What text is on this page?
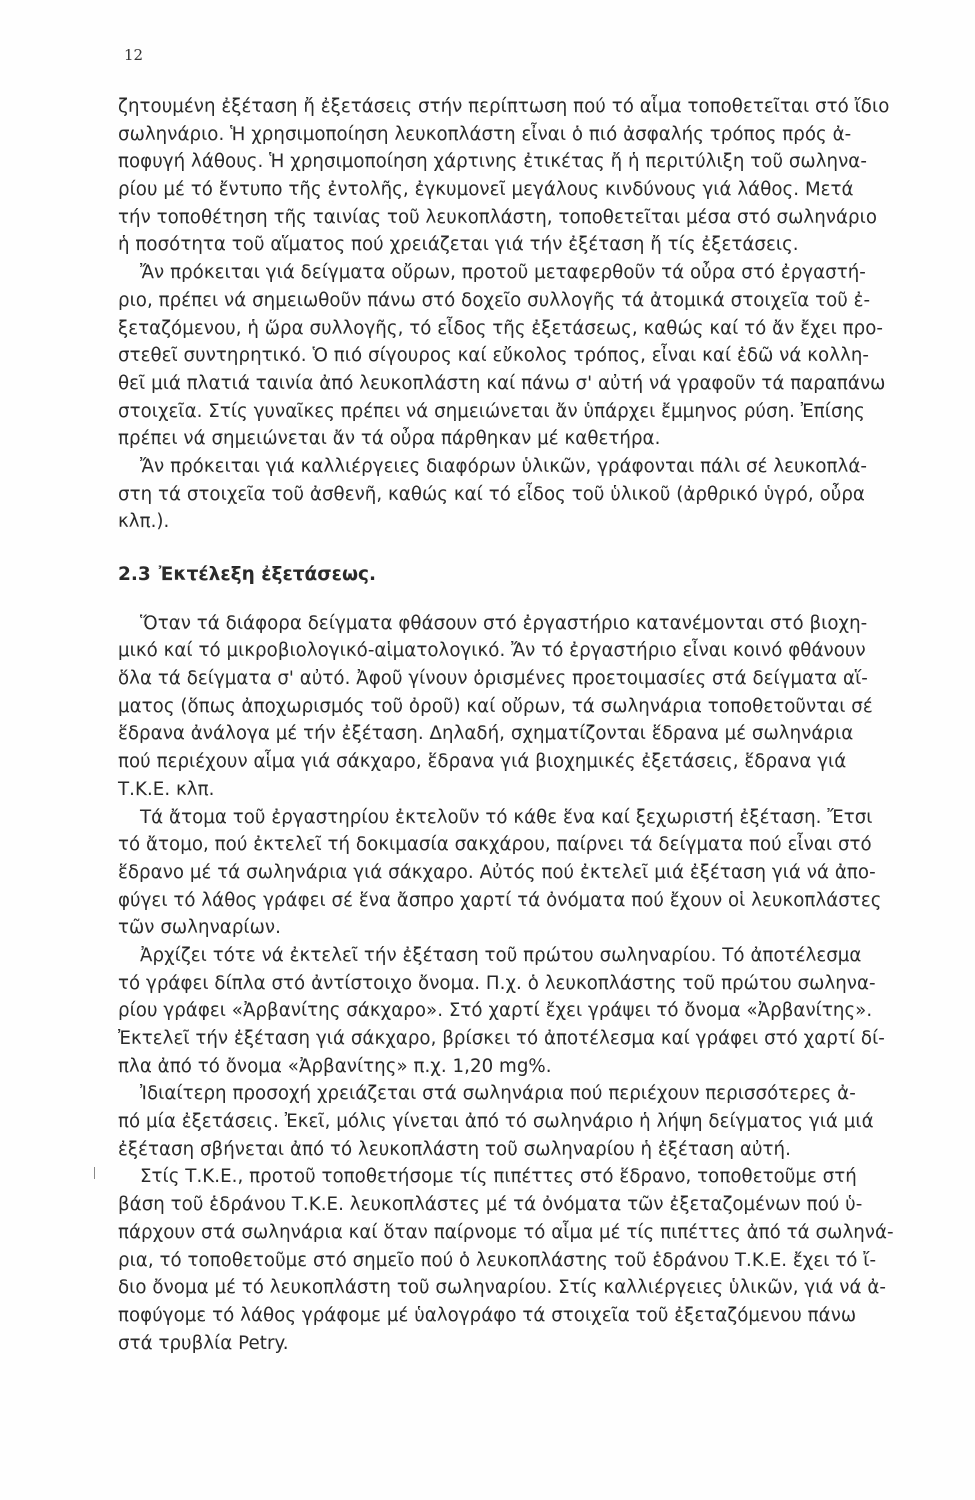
12
ζητουμένη ἐξέταση ἤ ἐξετάσεις στήν περίπτωση πού τό αἷμα τοποθετεῖται στό ἴδιο
σωληνάριο. Ἡ χρησιμοποίηση λευκοπλάστη εἶναι ὁ πιό ἀσφαλής τρόπος πρός ἀ-
ποφυγή λάθους. Ἡ χρησιμοποίηση χάρτινης ἐτικέτας ἤ ἡ περιτύλιξη τοῦ σωληνα-
ρίου μέ τό ἔντυπο τῆς ἐντολῆς, ἐγκυμονεῖ μεγάλους κινδύνους γιά λάθος. Μετά
τήν τοποθέτηση τῆς ταινίας τοῦ λευκοπλάστη, τοποθετεῖται μέσα στό σωληνάριο
ἡ ποσότητα τοῦ αἵματος πού χρειάζεται γιά τήν ἐξέταση ἤ τίς ἐξετάσεις.
Ἄν πρόκειται γιά δείγματα οὔρων, προτοῦ μεταφερθοῦν τά οὖρα στό ἐργαστή-
ριο, πρέπει νά σημειωθοῦν πάνω στό δοχεῖο συλλογῆς τά ἀτομικά στοιχεῖα τοῦ ἐ-
ξεταζόμενου, ἡ ὥρα συλλογῆς, τό εἶδος τῆς ἐξετάσεως, καθώς καί τό ἄν ἔχει προ-
στεθεῖ συντηρητικό. Ὁ πιό σίγουρος καί εὔκολος τρόπος, εἶναι καί ἐδῶ νά κολλη-
θεῖ μιά πλατιά ταινία ἀπό λευκοπλάστη καί πάνω σ' αὐτή νά γραφοῦν τά παραπάνω
στοιχεῖα. Στίς γυναῖκες πρέπει νά σημειώνεται ἄν ὑπάρχει ἔμμηνος ρύση. Ἐπίσης
πρέπει νά σημειώνεται ἄν τά οὖρα πάρθηκαν μέ καθετήρα.
Ἄν πρόκειται γιά καλλιέργειες διαφόρων ὑλικῶν, γράφονται πάλι σέ λευκοπλά-
στη τά στοιχεῖα τοῦ ἀσθενῆ, καθώς καί τό εἶδος τοῦ ὑλικοῦ (ἀρθρικό ὑγρό, οὖρα
κλπ.).
2.3 Ἐκτέλεξη ἐξετάσεως.
Ὅταν τά διάφορα δείγματα φθάσουν στό ἐργαστήριο κατανέμονται στό βιοχη-
μικό καί τό μικροβιολογικό-αἱματολογικό. Ἄν τό ἐργαστήριο εἶναι κοινό φθάνουν
ὅλα τά δείγματα σ' αὐτό. Ἀφοῦ γίνουν ὁρισμένες προετοιμασίες στά δείγματα αἵ-
ματος (ὅπως ἀποχωρισμός τοῦ ὀροῦ) καί οὔρων, τά σωληνάρια τοποθετοῦνται σέ
ἕδρανα ἀνάλογα μέ τήν ἐξέταση. Δηλαδή, σχηματίζονται ἕδρανα μέ σωληνάρια
πού περιέχουν αἷμα γιά σάκχαρο, ἕδρανα γιά βιοχημικές ἐξετάσεις, ἕδρανα γιά
Τ.Κ.Ε. κλπ.
Τά ἄτομα τοῦ ἐργαστηρίου ἐκτελοῦν τό κάθε ἕνα καί ξεχωριστή ἐξέταση. Ἔτσι
τό ἄτομο, πού ἐκτελεῖ τή δοκιμασία σακχάρου, παίρνει τά δείγματα πού εἶναι στό
ἕδρανο μέ τά σωληνάρια γιά σάκχαρο. Αὐτός πού ἐκτελεῖ μιά ἐξέταση γιά νά ἀπο-
φύγει τό λάθος γράφει σέ ἕνα ἄσπρο χαρτί τά ὀνόματα πού ἔχουν οἱ λευκοπλάστες
τῶν σωληναρίων.
Ἀρχίζει τότε νά ἐκτελεῖ τήν ἐξέταση τοῦ πρώτου σωληναρίου. Τό ἀποτέλεσμα
τό γράφει δίπλα στό ἀντίστοιχο ὄνομα. Π.χ. ὁ λευκοπλάστης τοῦ πρώτου σωληνα-
ρίου γράφει «Ἀρβανίτης σάκχαρο». Στό χαρτί ἔχει γράψει τό ὄνομα «Ἀρβανίτης».
Ἐκτελεῖ τήν ἐξέταση γιά σάκχαρο, βρίσκει τό ἀποτέλεσμα καί γράφει στό χαρτί δί-
πλα ἀπό τό ὄνομα «Ἀρβανίτης» π.χ. 1,20 mg%.
Ἰδιαίτερη προσοχή χρειάζεται στά σωληνάρια πού περιέχουν περισσότερες ἀ-
πό μία ἐξετάσεις. Ἐκεῖ, μόλις γίνεται ἀπό τό σωληνάριο ἡ λήψη δείγματος γιά μιά
ἐξέταση σβήνεται ἀπό τό λευκοπλάστη τοῦ σωληναρίου ἡ ἐξέταση αὐτή.
Στίς Τ.Κ.Ε., προτοῦ τοποθετήσομε τίς πιπέττες στό ἕδρανο, τοποθετοῦμε στή
βάση τοῦ ἑδράνου Τ.Κ.Ε. λευκοπλάστες μέ τά ὀνόματα τῶν ἐξεταζομένων πού ὑ-
πάρχουν στά σωληνάρια καί ὅταν παίρνομε τό αἷμα μέ τίς πιπέττες ἀπό τά σωληνά-
ρια, τό τοποθετοῦμε στό σημεῖο πού ὁ λευκοπλάστης τοῦ ἑδράνου Τ.Κ.Ε. ἔχει τό ἴ-
διο ὄνομα μέ τό λευκοπλάστη τοῦ σωληναρίου. Στίς καλλιέργειες ὑλικῶν, γιά νά ἀ-
ποφύγομε τό λάθος γράφομε μέ ὑαλογράφο τά στοιχεῖα τοῦ ἐξεταζόμενου πάνω
στά τρυβλία Petry.
